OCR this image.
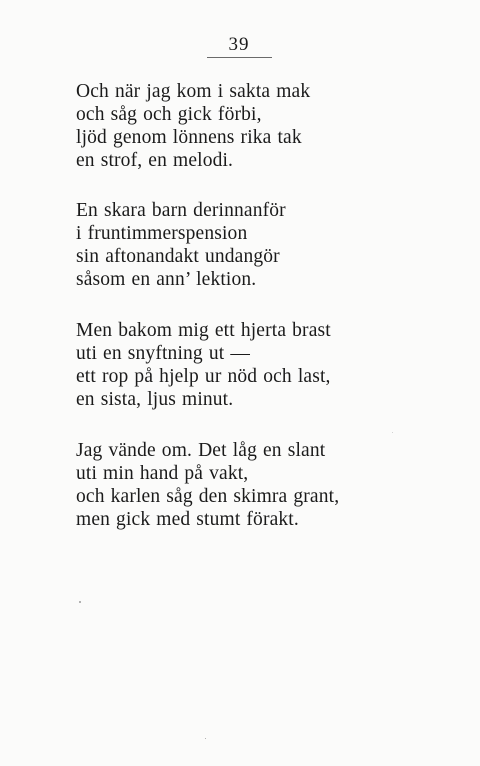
39
Och när jag kom i sakta mak
och såg och gick förbi,
ljöd genom lönnens rika tak
en strof, en melodi.
En skara barn derinnanför
i fruntimmerspension
sin aftonandakt undangör
såsom en ann’ lektion.
Men bakom mig ett hjerta brast
uti en snyftning ut —
ett rop på hjelp ur nöd och last,
en sista, ljus minut.
Jag vände om. Det låg en slant
uti min hand på vakt,
och karlen såg den skimra grant,
men gick med stumt förakt.
